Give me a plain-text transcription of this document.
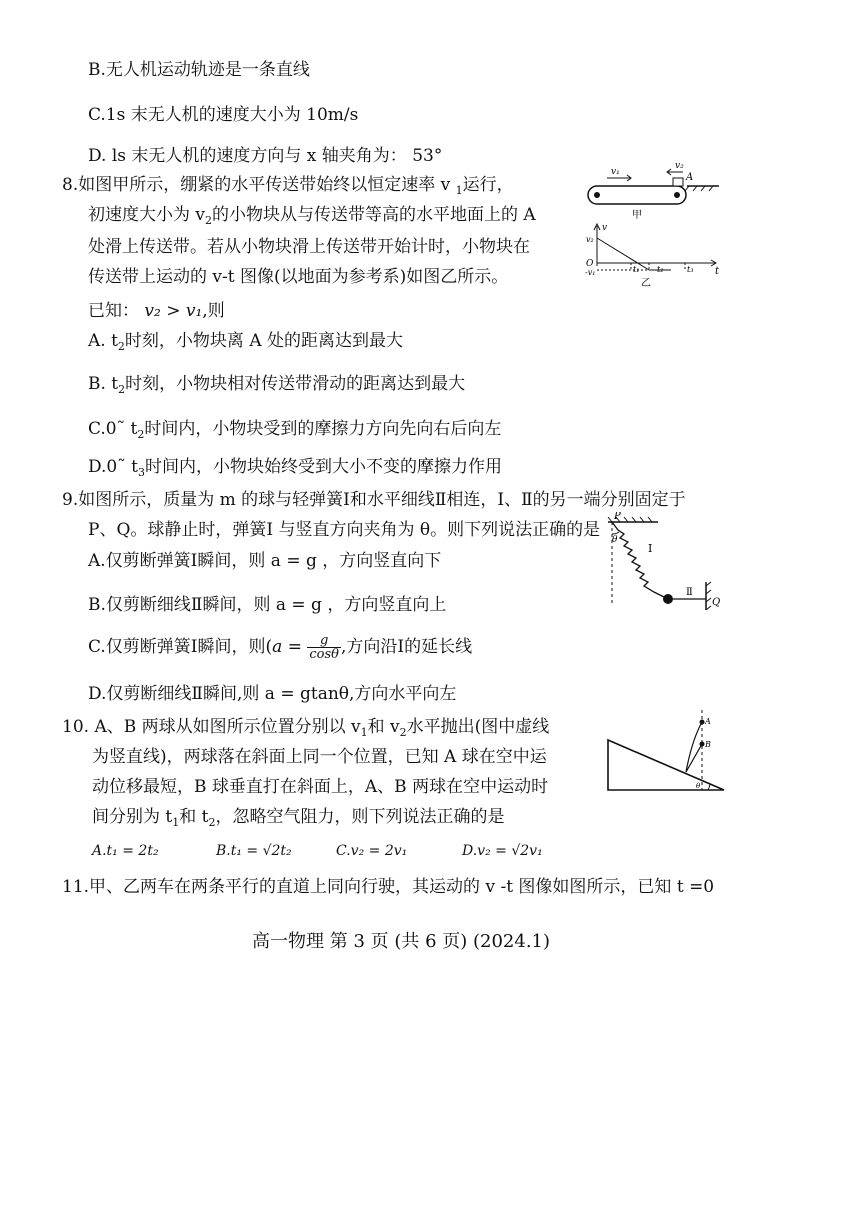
B.无人机运动轨迹是一条直线
C.1s 末无人机的速度大小为 10m/s
D. ls 末无人机的速度方向与 x 轴夹角为： 53°
8.如图甲所示，绷紧的水平传送带始终以恒定速率 v $_1$运行，
初速度大小为 $v_2$的小物块从与传送带等高的水平地面上的 A
处滑上传送带。若从小物块滑上传送带开始计时，小物块在
传送带上运动的 v-t 图像(以地面为参考系)如图乙所示。
已知： v₂ > v₁,则
A. $t_2$时刻，小物块离 A 处的距离达到最大
B. $t_2$时刻，小物块相对传送带滑动的距离达到最大
C.0˜ $t_2$时间内，小物块受到的摩擦力方向先向右后向左
D.0˜ $t_3$时间内，小物块始终受到大小不变的摩擦力作用
v₁
v₂
A
甲
v
t
v₂
O
-v₁	t₁ t₂	t₃
乙
9.如图所示，质量为 m 的球与轻弹簧Ⅰ和水平细线Ⅱ相连，Ⅰ、Ⅱ的另一端分别固定于
P、Q。球静止时，弹簧Ⅰ 与竖直方向夹角为 θ。则下列说法正确的是
A.仅剪断弹簧Ⅰ瞬间，则 a = g ，方向竖直向下
B.仅剪断细线Ⅱ瞬间，则 a = g ，方向竖直向上
C.仅剪断弹簧Ⅰ瞬间，则($a = \frac{g}{\cos\theta}$ ,方向沿Ⅰ的延长线
D.仅剪断细线Ⅱ瞬间,则 a = gtanθ,方向水平向左
P
θ
Ⅰ
Ⅱ
Q
10. A、B 两球从如图所示位置分别以 $v_1$和 $v_2$水平抛出(图中虚线
为竖直线)，两球落在斜面上同一个位置，已知 A 球在空中运
动位移最短，B 球垂直打在斜面上，A、B 两球在空中运动时
间分别为 $t_1$和 $t_2$，忽略空气阻力，则下列说法正确的是
A.t₁ = 2t₂	B.t₁ = √2t₂	C.v₂ = 2v₁	D.v₂ = √2v₁
A
B
θ
11.甲、乙两车在两条平行的直道上同向行驶，其运动的 v -t 图像如图所示，已知 t =0
高一物理 第 3 页 (共 6 页) (2024.1)
